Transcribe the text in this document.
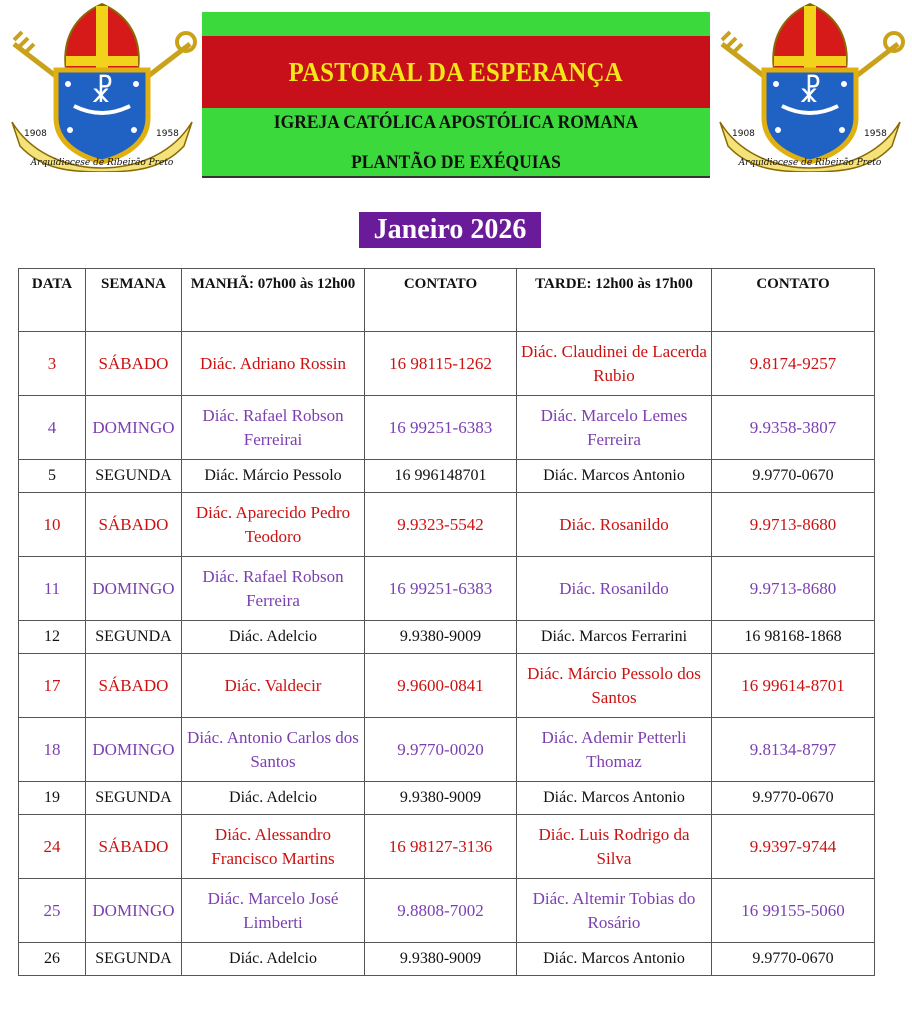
☧
1908	1958
Arquidiocese de Ribeirão Preto
PASTORAL DA ESPERANÇA
IGREJA CATÓLICA APOSTÓLICA ROMANA
PLANTÃO DE EXÉQUIAS
☧
1908	1958
Arquidiocese de Ribeirão Preto
Janeiro 2026
DATA	SEMANA	MANHÃ: 07h00 às 12h00	CONTATO	TARDE: 12h00 às 17h00	CONTATO
3	SÁBADO	Diác. Adriano Rossin	16 98115-1262	Diác. Claudinei de Lacerda Rubio	9.8174-9257
4	DOMINGO	Diác. Rafael Robson Ferreirai	16 99251-6383	Diác. Marcelo Lemes Ferreira	9.9358-3807
5	SEGUNDA	Diác. Márcio Pessolo	16 996148701	Diác. Marcos Antonio	9.9770-0670
10	SÁBADO	Diác. Aparecido Pedro Teodoro	9.9323-5542	Diác. Rosanildo	9.9713-8680
11	DOMINGO	Diác. Rafael Robson Ferreira	16 99251-6383	Diác. Rosanildo	9.9713-8680
12	SEGUNDA	Diác. Adelcio	9.9380-9009	Diác. Marcos Ferrarini	16 98168-1868
17	SÁBADO	Diác. Valdecir	9.9600-0841	Diác. Márcio Pessolo dos Santos	16 99614-8701
18	DOMINGO	Diác. Antonio Carlos dos Santos	9.9770-0020	Diác. Ademir Petterli Thomaz	9.8134-8797
19	SEGUNDA	Diác. Adelcio	9.9380-9009	Diác. Marcos Antonio	9.9770-0670
24	SÁBADO	Diác. Alessandro Francisco Martins	16 98127-3136	Diác. Luis Rodrigo da Silva	9.9397-9744
25	DOMINGO	Diác. Marcelo José Limberti	9.8808-7002	Diác. Altemir Tobias do Rosário	16 99155-5060
26	SEGUNDA	Diác. Adelcio	9.9380-9009	Diác. Marcos Antonio	9.9770-0670
